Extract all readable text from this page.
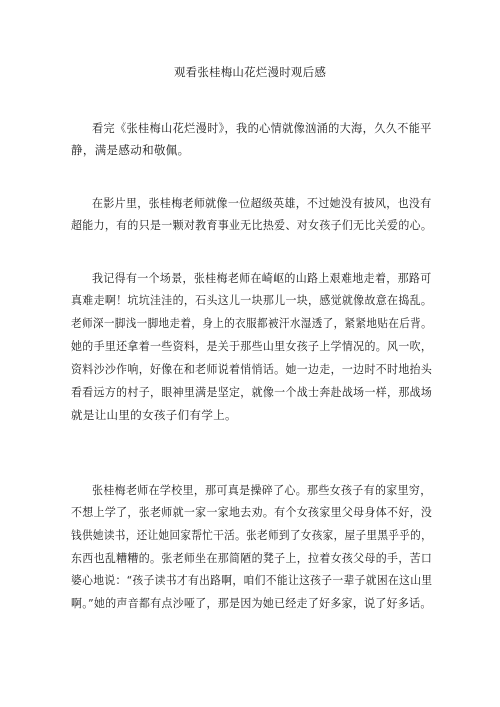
观看张桂梅山花烂漫时观后感
看完《张桂梅山花烂漫时》，我的心情就像汹涌的大海，久久不能平
静，满是感动和敬佩。
在影片里，张桂梅老师就像一位超级英雄，不过她没有披风，也没有
超能力，有的只是一颗对教育事业无比热爱、对女孩子们无比关爱的心。
我记得有一个场景，张桂梅老师在崎岖的山路上艰难地走着，那路可
真难走啊！坑坑洼洼的，石头这儿一块那儿一块，感觉就像故意在捣乱。
老师深一脚浅一脚地走着，身上的衣服都被汗水湿透了，紧紧地贴在后背。
她的手里还拿着一些资料，是关于那些山里女孩子上学情况的。风一吹，
资料沙沙作响，好像在和老师说着悄悄话。她一边走，一边时不时地抬头
看看远方的村子，眼神里满是坚定，就像一个战士奔赴战场一样，那战场
就是让山里的女孩子们有学上。
张桂梅老师在学校里，那可真是操碎了心。那些女孩子有的家里穷，
不想上学了，张老师就一家一家地去劝。有个女孩家里父母身体不好，没
钱供她读书，还让她回家帮忙干活。张老师到了女孩家，屋子里黑乎乎的，
东西也乱糟糟的。张老师坐在那简陋的凳子上，拉着女孩父母的手，苦口
婆心地说：“孩子读书才有出路啊，咱们不能让这孩子一辈子就困在这山里
啊。”她的声音都有点沙哑了，那是因为她已经走了好多家，说了好多话。
